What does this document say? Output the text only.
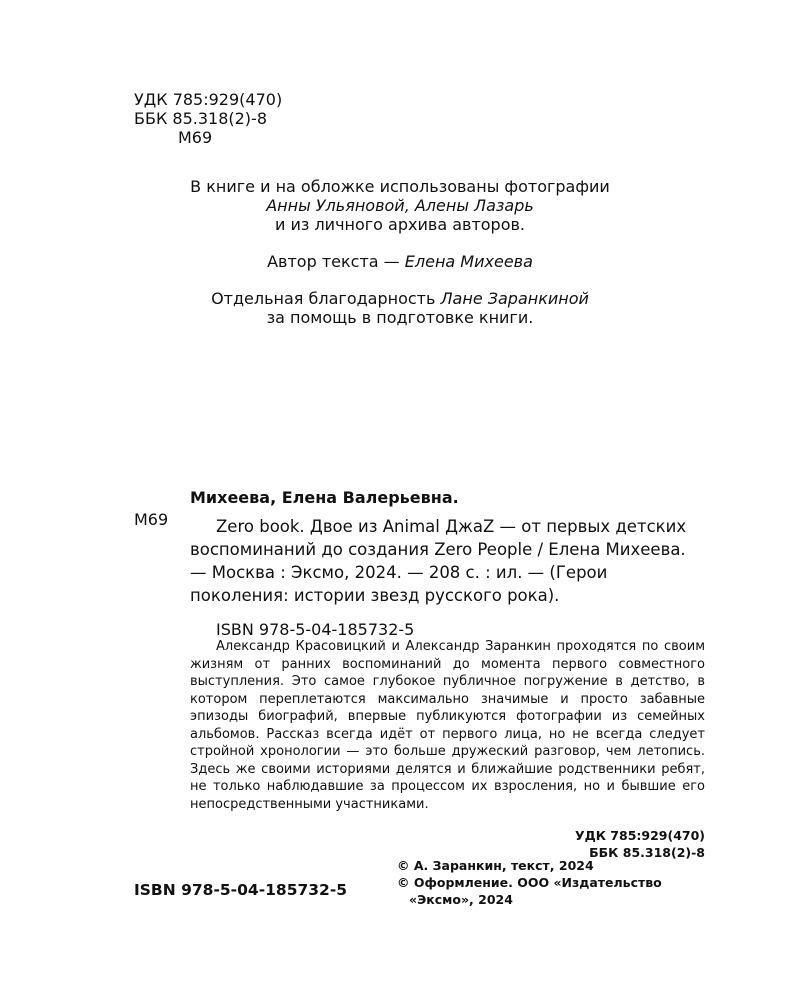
УДК 785:929(470)
ББК 85.318(2)-8
М69

В книге и на обложке использованы фотографии

Анны Ульяновой, Алены Лазарь

и из личного архива авторов.

Автор текста — Елена Михеева

Отдельная благодарность Лане Заранкиной

за помощь в подготовке книги.

Михеева, Елена Валерьевна.
М69	Zero book. Двое из Animal ДжаZ — от первых детских воспоминаний до создания Zero People / Елена Михеева. — Москва : Эксмо, 2024. — 208 с. : ил. — (Герои поколения: истории звезд русского рока).
ISBN 978-5-04-185732-5
Александр Красовицкий и Александр Заранкин проходятся по своим жизням от ранних воспоминаний до момента первого совместного выступления. Это самое глубокое публичное погружение в детство, в котором переплетаются максимально значимые и просто забавные эпизоды биографий, впервые публикуются фотографии из семейных альбомов. Рассказ всегда идёт от первого лица, но не всегда следует стройной хронологии — это больше дружеский разговор, чем летопись. Здесь же своими историями делятся и ближайшие родственники ребят, не только наблюдавшие за процессом их взросления, но и бывшие его непосредственными участниками.
УДК 785:929(470)
ББК 85.318(2)-8
ISBN 978-5-04-185732-5
© А. Заранкин, текст, 2024
© Оформление. ООО «Издательство
«Эксмо», 2024
